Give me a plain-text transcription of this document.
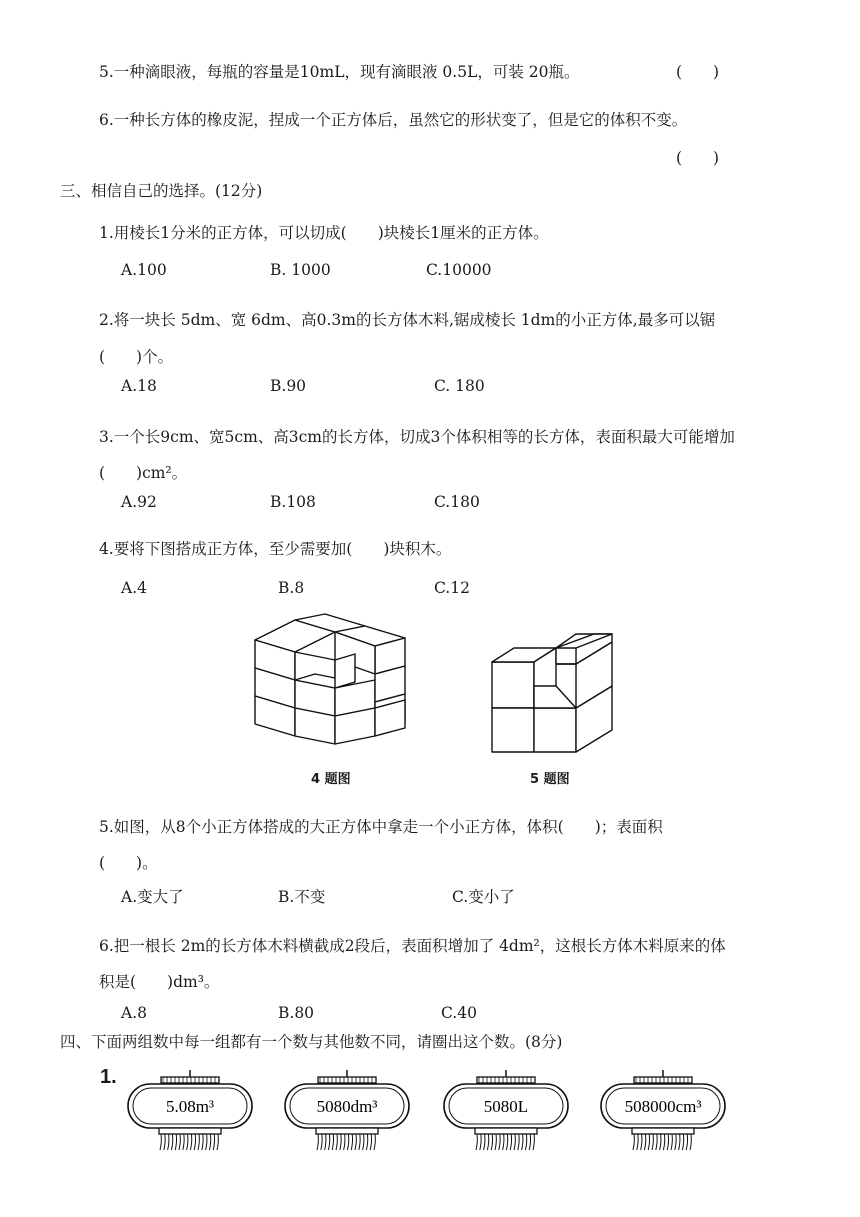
5.一种滴眼液，每瓶的容量是10mL，现有滴眼液 0.5L，可装 20瓶。	(　　)
6.一种长方体的橡皮泥，捏成一个正方体后，虽然它的形状变了，但是它的体积不变。
(　　)
三、相信自己的选择。(12分)
1.用棱长1分米的正方体，可以切成(　　)块棱长1厘米的正方体。
A.100	B. 1000	C.10000
2.将一块长 5dm、宽 6dm、高0.3m的长方体木料,锯成棱长 1dm的小正方体,最多可以锯
(　　)个。
A.18	B.90	C. 180
3.一个长9cm、宽5cm、高3cm的长方体，切成3个体积相等的长方体，表面积最大可能增加
(　　)cm²。
A.92	B.108	C.180
4.要将下图搭成正方体，至少需要加(　　)块积木。
A.4	B.8	C.12
4 题图	5 题图
5.如图，从8个小正方体搭成的大正方体中拿走一个小正方体，体积(　　)；表面积
(　　)。
A.变大了	B.不变	C.变小了
6.把一根长 2m的长方体木料横截成2段后，表面积增加了 4dm²，这根长方体木料原来的体
积是(　　)dm³。
A.8	B.80	C.40
四、下面两组数中每一组都有一个数与其他数不同，请圈出这个数。(8分)
1.
5.08m³	5080dm³	5080L	508000cm³
